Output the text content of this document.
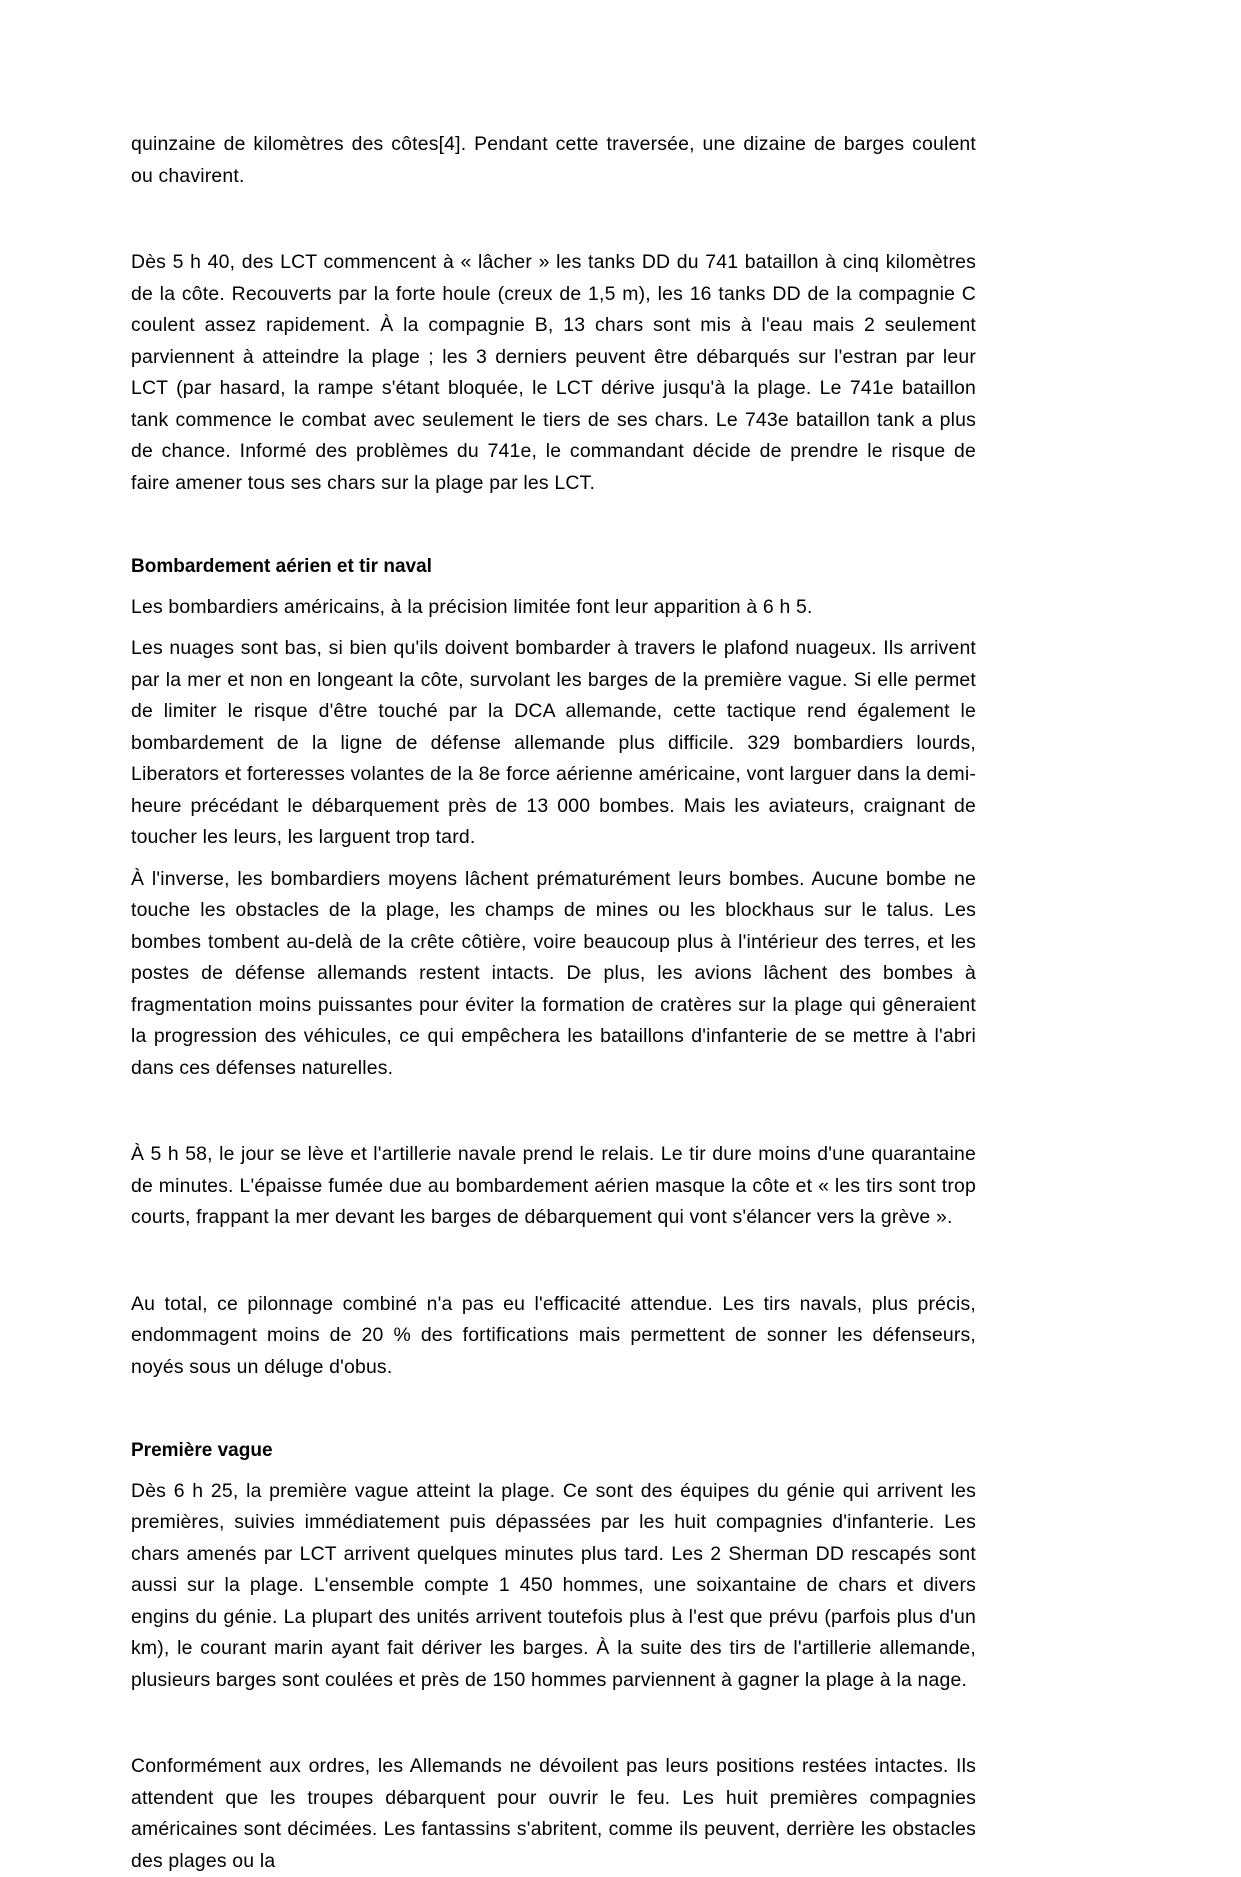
quinzaine de kilomètres des côtes[4]. Pendant cette traversée, une dizaine de barges coulent ou chavirent.

Dès 5 h 40, des LCT commencent à « lâcher » les tanks DD du 741 bataillon à cinq kilomètres de la côte. Recouverts par la forte houle (creux de 1,5 m), les 16 tanks DD de la compagnie C coulent assez rapidement. À la compagnie B, 13 chars sont mis à l'eau mais 2 seulement parviennent à atteindre la plage ; les 3 derniers peuvent être débarqués sur l'estran par leur LCT (par hasard, la rampe s'étant bloquée, le LCT dérive jusqu'à la plage. Le 741e bataillon tank commence le combat avec seulement le tiers de ses chars. Le 743e bataillon tank a plus de chance. Informé des problèmes du 741e, le commandant décide de prendre le risque de faire amener tous ses chars sur la plage par les LCT.

Bombardement aérien et tir naval

Les bombardiers américains, à la précision limitée font leur apparition à 6 h 5.

Les nuages sont bas, si bien qu'ils doivent bombarder à travers le plafond nuageux. Ils arrivent par la mer et non en longeant la côte, survolant les barges de la première vague. Si elle permet de limiter le risque d'être touché par la DCA allemande, cette tactique rend également le bombardement de la ligne de défense allemande plus difficile. 329 bombardiers lourds, Liberators et forteresses volantes de la 8e force aérienne américaine, vont larguer dans la demi-heure précédant le débarquement près de 13 000 bombes. Mais les aviateurs, craignant de toucher les leurs, les larguent trop tard.

À l'inverse, les bombardiers moyens lâchent prématurément leurs bombes. Aucune bombe ne touche les obstacles de la plage, les champs de mines ou les blockhaus sur le talus. Les bombes tombent au-delà de la crête côtière, voire beaucoup plus à l'intérieur des terres, et les postes de défense allemands restent intacts. De plus, les avions lâchent des bombes à fragmentation moins puissantes pour éviter la formation de cratères sur la plage qui gêneraient la progression des véhicules, ce qui empêchera les bataillons d'infanterie de se mettre à l'abri dans ces défenses naturelles.

À 5 h 58, le jour se lève et l'artillerie navale prend le relais. Le tir dure moins d'une quarantaine de minutes. L'épaisse fumée due au bombardement aérien masque la côte et « les tirs sont trop courts, frappant la mer devant les barges de débarquement qui vont s'élancer vers la grève ».

Au total, ce pilonnage combiné n'a pas eu l'efficacité attendue. Les tirs navals, plus précis, endommagent moins de 20 % des fortifications mais permettent de sonner les défenseurs, noyés sous un déluge d'obus.

Première vague

Dès 6 h 25, la première vague atteint la plage. Ce sont des équipes du génie qui arrivent les premières, suivies immédiatement puis dépassées par les huit compagnies d'infanterie. Les chars amenés par LCT arrivent quelques minutes plus tard. Les 2 Sherman DD rescapés sont aussi sur la plage. L'ensemble compte 1 450 hommes, une soixantaine de chars et divers engins du génie. La plupart des unités arrivent toutefois plus à l'est que prévu (parfois plus d'un km), le courant marin ayant fait dériver les barges. À la suite des tirs de l'artillerie allemande, plusieurs barges sont coulées et près de 150 hommes parviennent à gagner la plage à la nage.

Conformément aux ordres, les Allemands ne dévoilent pas leurs positions restées intactes. Ils attendent que les troupes débarquent pour ouvrir le feu. Les huit premières compagnies américaines sont décimées. Les fantassins s'abritent, comme ils peuvent, derrière les obstacles des plages ou la
